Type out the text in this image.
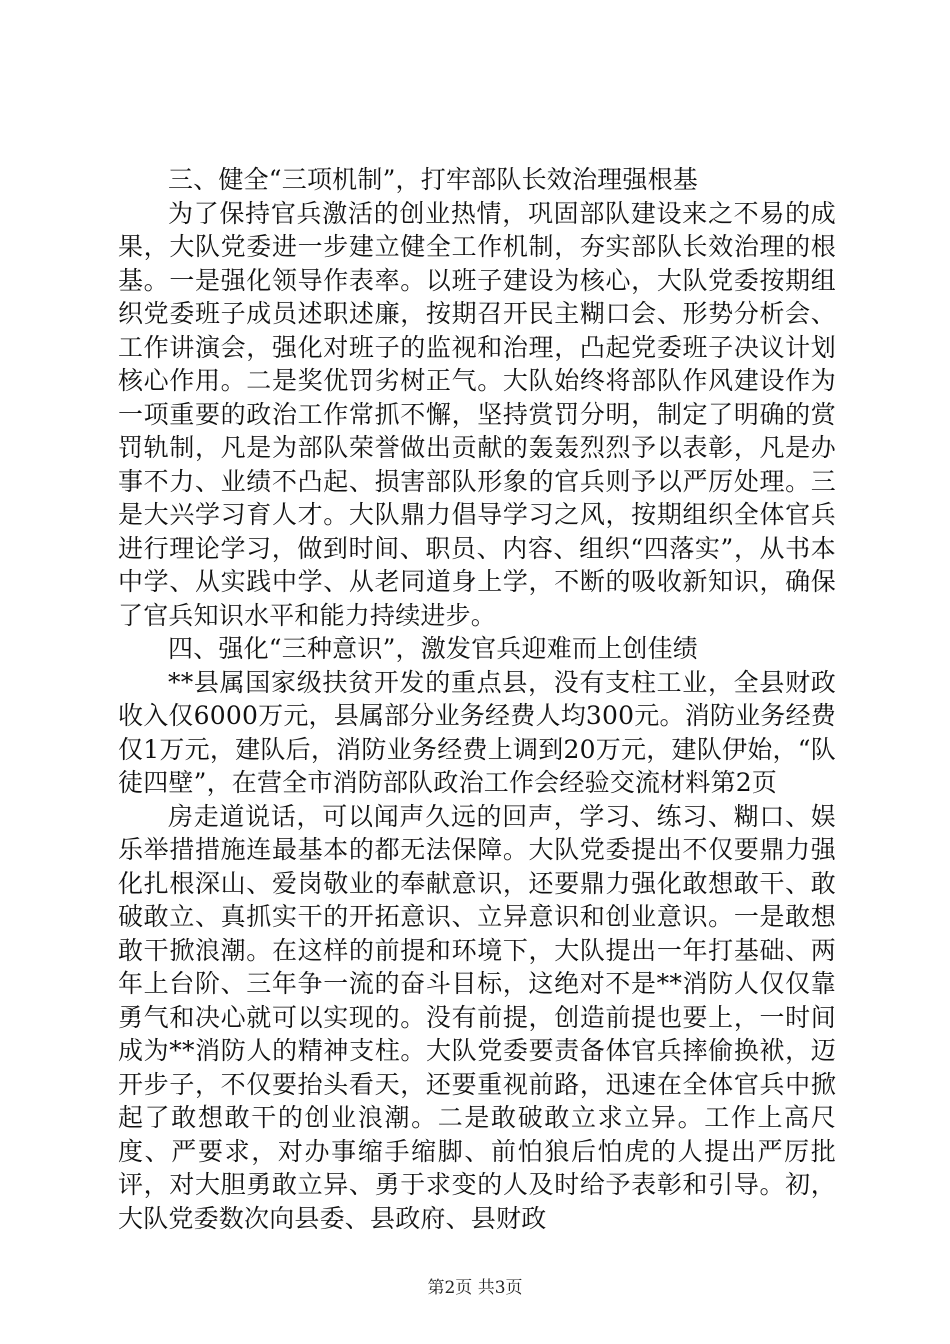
三、健全“三项机制”，打牢部队长效治理强根基

为了保持官兵激活的创业热情，巩固部队建设来之不易的成果，大队党委进一步建立健全工作机制，夯实部队长效治理的根基。一是强化领导作表率。以班子建设为核心，大队党委按期组织党委班子成员述职述廉，按期召开民主糊口会、形势分析会、工作讲演会，强化对班子的监视和治理，凸起党委班子决议计划核心作用。二是奖优罚劣树正气。大队始终将部队作风建设作为一项重要的政治工作常抓不懈，坚持赏罚分明，制定了明确的赏罚轨制，凡是为部队荣誉做出贡献的轰轰烈烈予以表彰，凡是办事不力、业绩不凸起、损害部队形象的官兵则予以严厉处理。三是大兴学习育人才。大队鼎力倡导学习之风，按期组织全体官兵进行理论学习，做到时间、职员、内容、组织“四落实”，从书本中学、从实践中学、从老同道身上学，不断的吸收新知识，确保了官兵知识水平和能力持续进步。

四、强化“三种意识”，激发官兵迎难而上创佳绩

**县属国家级扶贫开发的重点县，没有支柱工业，全县财政收入仅6000万元，县属部分业务经费人均300元。消防业务经费仅1万元，建队后，消防业务经费上调到20万元，建队伊始，“队徒四壁”，在营全市消防部队政治工作会经验交流材料第2页

房走道说话，可以闻声久远的回声，学习、练习、糊口、娱乐举措措施连最基本的都无法保障。大队党委提出不仅要鼎力强化扎根深山、爱岗敬业的奉献意识，还要鼎力强化敢想敢干、敢破敢立、真抓实干的开拓意识、立异意识和创业意识。一是敢想敢干掀浪潮。在这样的前提和环境下，大队提出一年打基础、两年上台阶、三年争一流的奋斗目标，这绝对不是**消防人仅仅靠勇气和决心就可以实现的。没有前提，创造前提也要上，一时间成为**消防人的精神支柱。大队党委要责备体官兵摔偷换袱，迈开步子，不仅要抬头看天，还要重视前路，迅速在全体官兵中掀起了敢想敢干的创业浪潮。二是敢破敢立求立异。工作上高尺度、严要求，对办事缩手缩脚、前怕狼后怕虎的人提出严厉批评，对大胆勇敢立异、勇于求变的人及时给予表彰和引导。初，大队党委数次向县委、县政府、县财政

第2页 共3页
